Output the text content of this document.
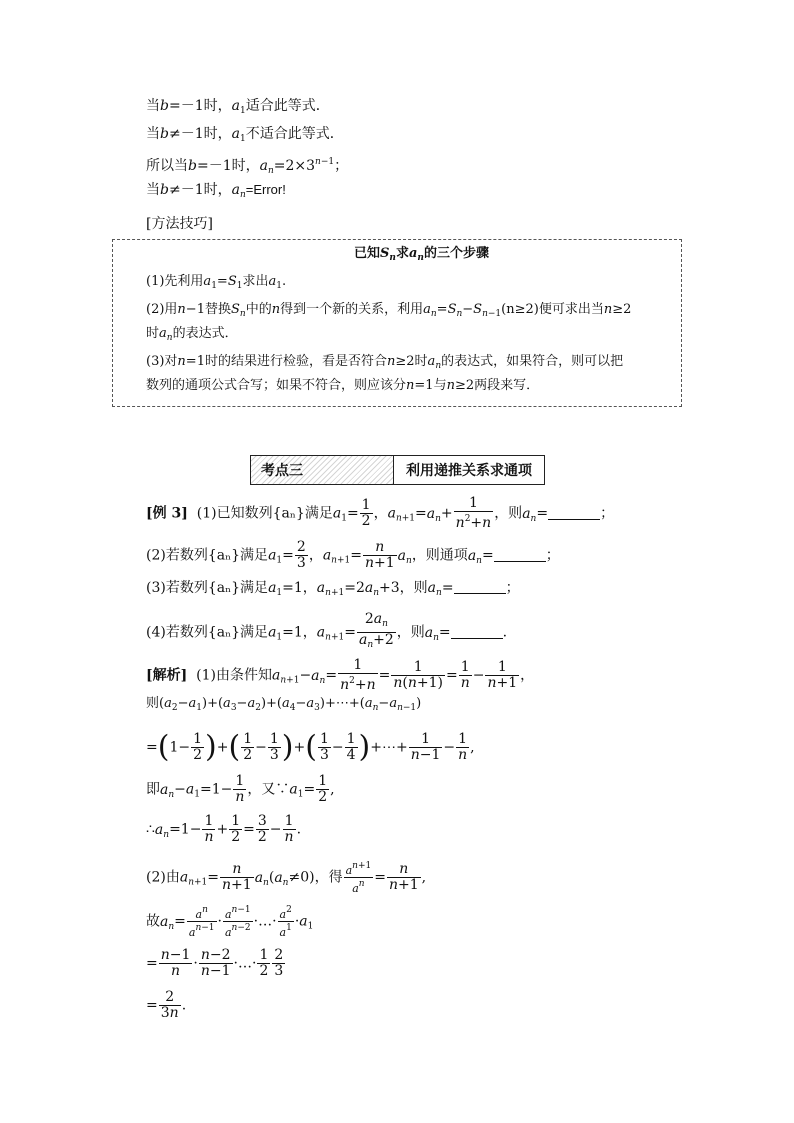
当b=－1时，$a_1$适合此等式．
当b≠－1时，$a_1$不适合此等式．
所以当b=－1时，$a_n=2\times 3^{n-1}$；
当b≠－1时，$a_n=Error$!
[方法技巧]
已知$S_n$求$a_n$的三个步骤
(1)先利用$a_1=S_1$求出$a_1$.
(2)用n−1替换$S_n$中的n得到一个新的关系，利用$a_n=S_n-S_{n-1}(n\ge 2)$便可求出当n≥2
时$a_n$的表达式．
(3)对n=1时的结果进行检验，看是否符合n≥2时$a_n$的表达式，如果符合，则可以把
数列的通项公式合写；如果不符合，则应该分n=1与n≥2两段来写．
考点三	利用递推关系求通项
[例 3] (1)已知数列{aₙ}满足$a_1= \frac{1}{2}$ ，$a_{n+1}=a_n+ \frac{1}{n^2+n}$ ，则$a_n=$	；
(2)若数列{aₙ}满足$a_1= \frac{2}{3}$ ，$a_{n+1}= \frac{n}{n+1} a_n$，则通项$a_n=$	；
(3)若数列{aₙ}满足$a_1=1$，$a_{n+1}=2a_n+3$，则$a_n=$	；
(4)若数列{aₙ}满足$a_1=1$，$a_{n+1}= \frac{2a_n}{a_n+2}$ ，则$a_n=$	.
[解析] (1)由条件知$a_{n+1}-a_n= \frac{1}{n^2+n} = \frac{1}{n(n+1)} = \frac{1}{n} - \frac{1}{n+1}$ ，
则$(a_2-a_1)+(a_3-a_2)+(a_4-a_3)+\cdots+(a_n-a_{n-1})$
$=(1- \frac{1}{2}$ )+( $\frac{1}{2} - \frac{1}{3}$ )+( $\frac{1}{3} - \frac{1}{4}$ )+⋯+ $\frac{1}{n-1} - \frac{1}{n}$ ,
即$a_n-a_1=1- \frac{1}{n}$ ，又$\because a_1= \frac{1}{2}$ ,
$\therefore a_n=1- \frac{1}{n} + \frac{1}{2} = \frac{3}{2} - \frac{1}{n}$ .
(2)由$a_{n+1}= \frac{n}{n+1} a_n(a_n\ne 0)$，得 $\frac{a^{n+1}}{a^n} = \frac{n}{n+1}$ ,
故$a_n= \frac{a^n}{a^{n-1}} \cdot \frac{a^{n-1}}{a^{n-2}}$ ·…· $\frac{a^2}{a^1} \cdot a_1$
= $\frac{n-1}{n} \cdot \frac{n-2}{n-1}$ ·…· $\frac{1}{2} \frac{2}{3}$
= $\frac{2}{3n}$ .
